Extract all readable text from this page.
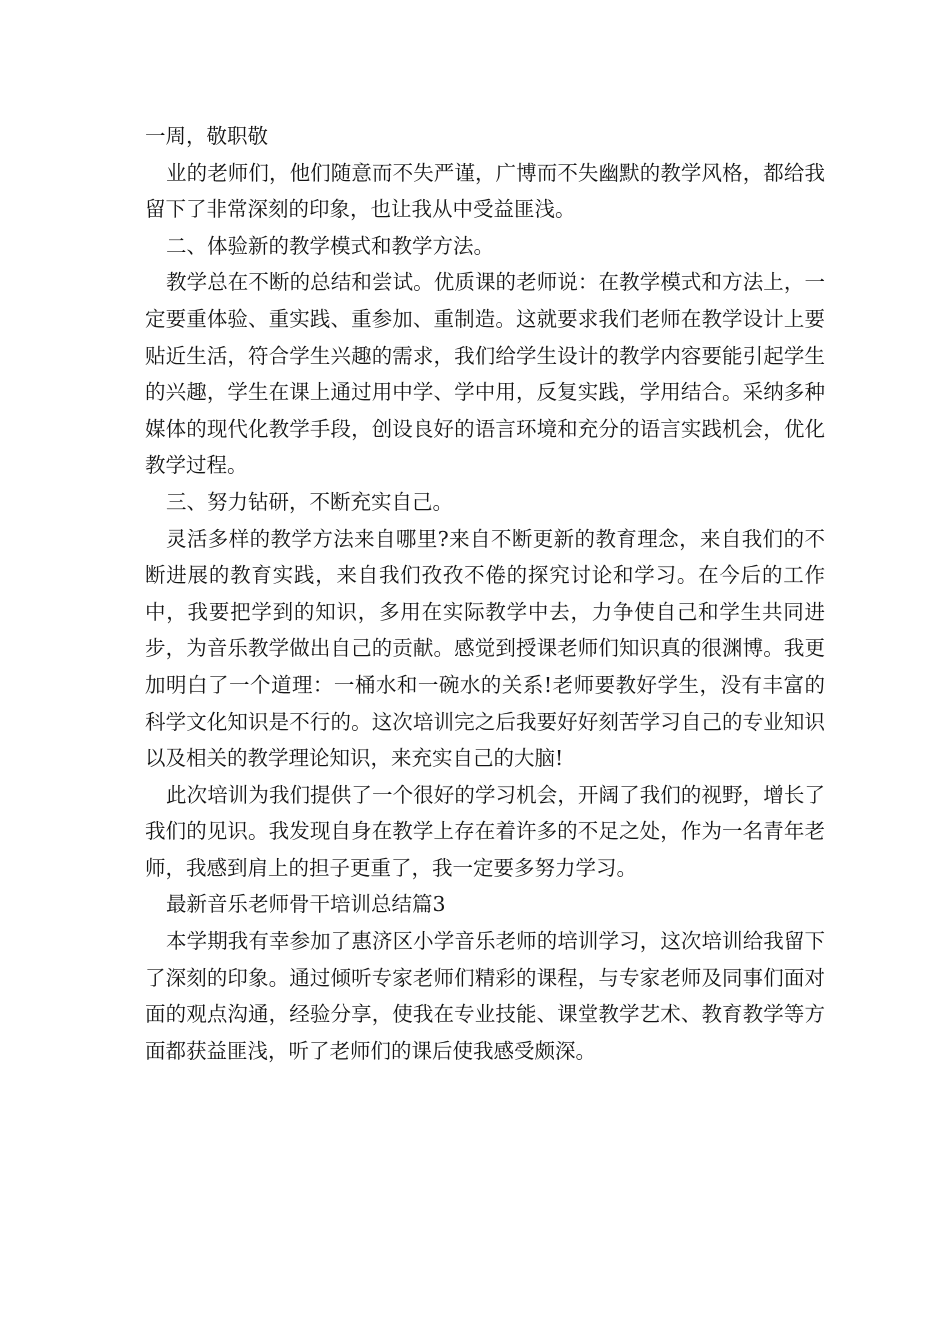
一周，敬职敬

业的老师们，他们随意而不失严谨，广博而不失幽默的教学风格，都给我留下了非常深刻的印象，也让我从中受益匪浅。

二、体验新的教学模式和教学方法。

教学总在不断的总结和尝试。优质课的老师说：在教学模式和方法上，一定要重体验、重实践、重参加、重制造。这就要求我们老师在教学设计上要贴近生活，符合学生兴趣的需求，我们给学生设计的教学内容要能引起学生的兴趣，学生在课上通过用中学、学中用，反复实践，学用结合。采纳多种媒体的现代化教学手段，创设良好的语言环境和充分的语言实践机会，优化教学过程。

三、努力钻研，不断充实自己。

灵活多样的教学方法来自哪里?来自不断更新的教育理念，来自我们的不断进展的教育实践，来自我们孜孜不倦的探究讨论和学习。在今后的工作中，我要把学到的知识，多用在实际教学中去，力争使自己和学生共同进步，为音乐教学做出自己的贡献。感觉到授课老师们知识真的很渊博。我更加明白了一个道理：一桶水和一碗水的关系!老师要教好学生，没有丰富的科学文化知识是不行的。这次培训完之后我要好好刻苦学习自己的专业知识以及相关的教学理论知识，来充实自己的大脑!

此次培训为我们提供了一个很好的学习机会，开阔了我们的视野，增长了我们的见识。我发现自身在教学上存在着许多的不足之处，作为一名青年老师，我感到肩上的担子更重了，我一定要多努力学习。

最新音乐老师骨干培训总结篇3

本学期我有幸参加了惠济区小学音乐老师的培训学习，这次培训给我留下了深刻的印象。通过倾听专家老师们精彩的课程，与专家老师及同事们面对面的观点沟通，经验分享，使我在专业技能、课堂教学艺术、教育教学等方面都获益匪浅，听了老师们的课后使我感受颇深。
